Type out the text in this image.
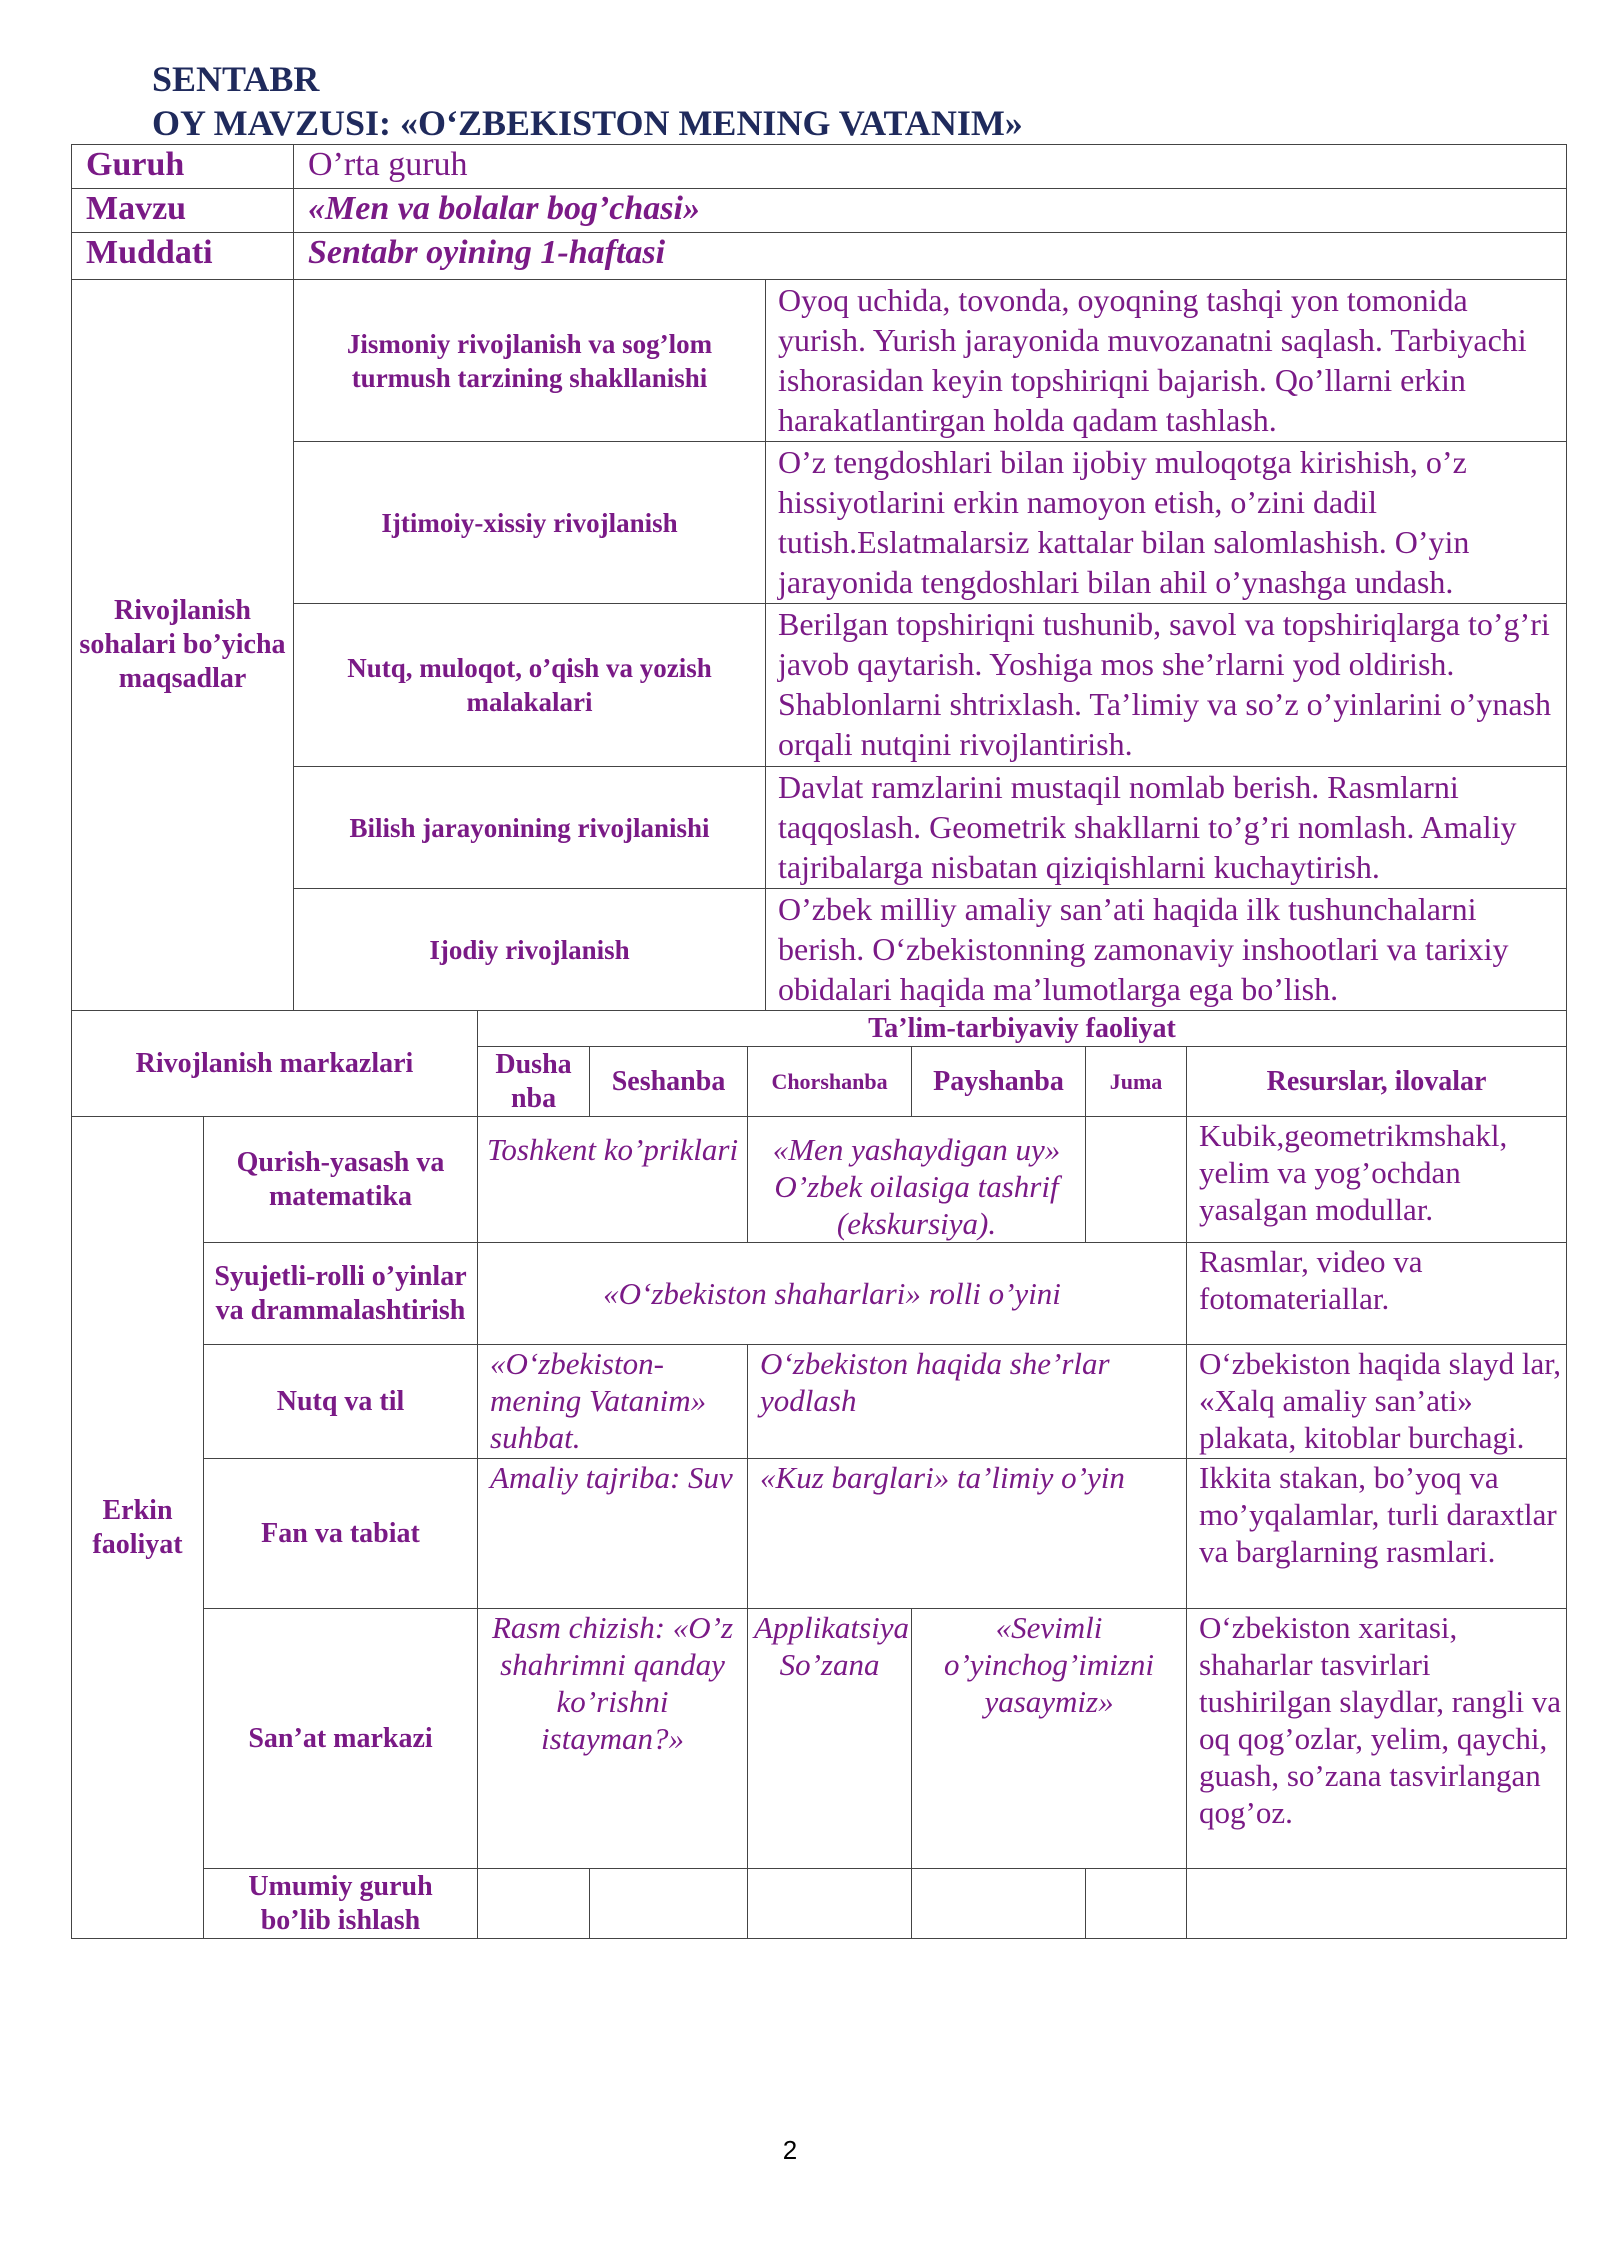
SENTABR
OY MAVZUSI: «O‘ZBEKISTON MENING VATANIM»
Guruh	O’rta guruh
Mavzu	«Men va bolalar bog’chasi»
Muddati	Sentabr oyining 1-haftasi
Rivojlanish sohalari bo’yicha maqsadlar	Jismoniy rivojlanish va sog’lom turmush tarzining shakllanishi	Oyoq uchida, tovonda, oyoqning tashqi yon tomonida yurish. Yurish jarayonida muvozanatni saqlash. Tarbiyachi ishorasidan keyin topshiriqni bajarish. Qo’llarni erkin harakatlantirgan holda qadam tashlash.
	Ijtimoiy-xissiy rivojlanish	O’z tengdoshlari bilan ijobiy muloqotga kirishish, o’z hissiyotlarini erkin namoyon etish, o’zini dadil tutish.Eslatmalarsiz kattalar bilan salomlashish. O’yin jarayonida tengdoshlari bilan ahil o’ynashga undash.
	Nutq, muloqot, o’qish va yozish malakalari	Berilgan topshiriqni tushunib, savol va topshiriqlarga to’g’ri javob qaytarish. Yoshiga mos she’rlarni yod oldirish. Shablonlarni shtrixlash. Ta’limiy va so’z o’yinlarini o’ynash orqali nutqini rivojlantirish.
	Bilish jarayonining rivojlanishi	Davlat ramzlarini mustaqil nomlab berish. Rasmlarni taqqoslash. Geometrik shakllarni to’g’ri nomlash. Amaliy tajribalarga nisbatan qiziqishlarni kuchaytirish.
	Ijodiy rivojlanish	O’zbek milliy amaliy san’ati haqida ilk tushunchalarni berish. O‘zbekistonning zamonaviy inshootlari va tarixiy obidalari haqida ma’lumotlarga ega bo’lish.
Rivojlanish markazlari		Ta’lim-tarbiyaviy faoliyat					
		Dusha nba	Seshanba	Chorshanba	Payshanba	Juma	Resurslar, ilovalar
Erkin faoliyat	Qurish-yasash va matematika	Toshkent ko’priklari		«Men yashaydigan uy» O’zbek oilasiga tashrif (ekskursiya).			Kubik,geometrikmshakl, yelim va yog’ochdan yasalgan modullar.
	Syujetli-rolli o’yinlar va drammalashtirish	«O‘zbekiston shaharlari» rolli o’yini					Rasmlar, video va fotomateriallar.
	Nutq va til	«O‘zbekiston-mening Vatanim» suhbat.		O‘zbekiston haqida she’rlar yodlash			O‘zbekiston haqida slayd lar, «Xalq amaliy san’ati» plakata, kitoblar burchagi.
	Fan va tabiat	Amaliy tajriba: Suv		«Kuz barglari» ta’limiy o’yin			Ikkita stakan, bo’yoq va mo’yqalamlar, turli daraxtlar va barglarning rasmlari.
	San’at markazi	Rasm chizish: «O’z shahrimni qanday ko’rishni istayman?»		Applikatsiya So’zana	«Sevimli o’yinchog’imizni yasaymiz»		O‘zbekiston xaritasi, shaharlar tasvirlari tushirilgan slaydlar, rangli va oq qog’ozlar, yelim, qaychi, guash, so’zana tasvirlangan qog’oz.
	Umumiy guruh bo’lib ishlash						
2
